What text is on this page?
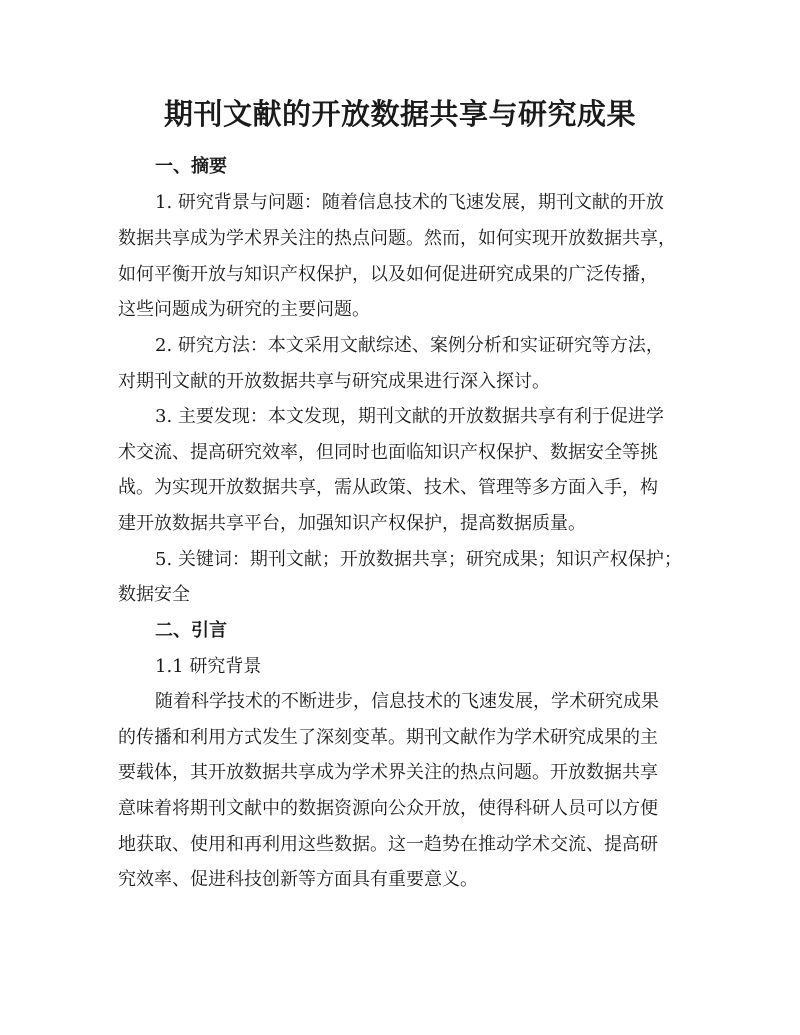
期刊文献的开放数据共享与研究成果
一、摘要
1. 研究背景与问题：随着信息技术的飞速发展，期刊文献的开放
数据共享成为学术界关注的热点问题。然而，如何实现开放数据共享，
如何平衡开放与知识产权保护，以及如何促进研究成果的广泛传播，
这些问题成为研究的主要问题。
2. 研究方法：本文采用文献综述、案例分析和实证研究等方法，
对期刊文献的开放数据共享与研究成果进行深入探讨。
3. 主要发现：本文发现，期刊文献的开放数据共享有利于促进学
术交流、提高研究效率，但同时也面临知识产权保护、数据安全等挑
战。为实现开放数据共享，需从政策、技术、管理等多方面入手，构
建开放数据共享平台，加强知识产权保护，提高数据质量。
5. 关键词：期刊文献；开放数据共享；研究成果；知识产权保护；
数据安全
二、引言
1.1 研究背景
随着科学技术的不断进步，信息技术的飞速发展，学术研究成果
的传播和利用方式发生了深刻变革。期刊文献作为学术研究成果的主
要载体，其开放数据共享成为学术界关注的热点问题。开放数据共享
意味着将期刊文献中的数据资源向公众开放，使得科研人员可以方便
地获取、使用和再利用这些数据。这一趋势在推动学术交流、提高研
究效率、促进科技创新等方面具有重要意义。
